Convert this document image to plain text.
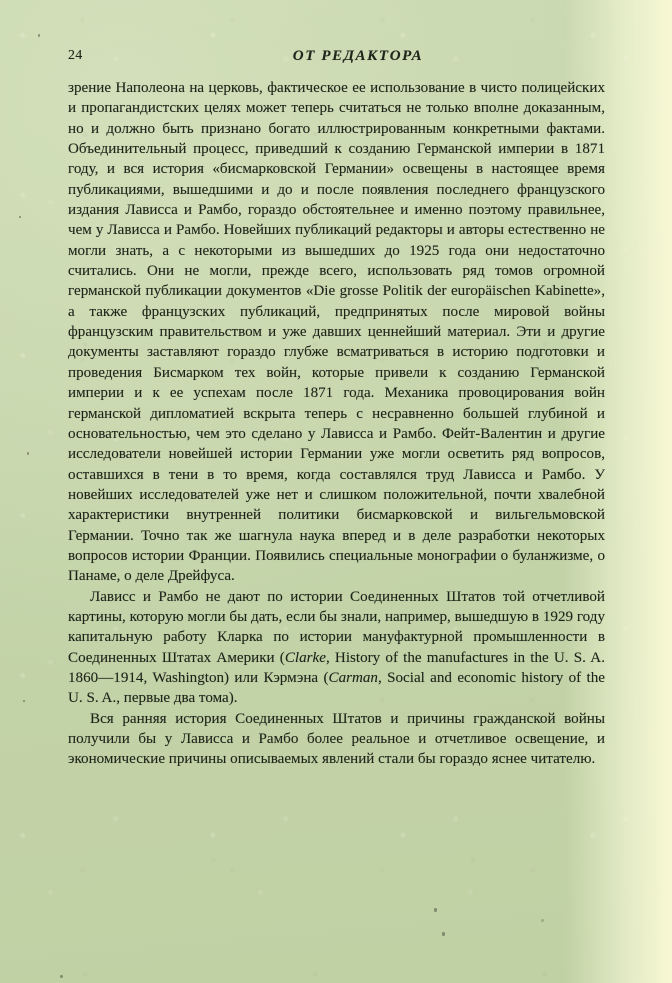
24	ОТ РЕДАКТОРА

зрение Наполеона на церковь, фактическое ее использование в чисто полицейских и пропагандистских целях может теперь считаться не только вполне доказанным, но и должно быть признано богато иллюстрированным конкретными фактами. Объединительный процесс, приведший к созданию Германской империи в 1871 году, и вся история «бисмарковской Германии» освещены в настоящее время публикациями, вышедшими и до и после появления последнего французского издания Лависса и Рамбо, гораздо обстоятельнее и именно поэтому правильнее, чем у Лависса и Рамбо. Новейших публикаций редакторы и авторы естественно не могли знать, а с некоторыми из вышедших до 1925 года они недостаточно считались. Они не могли, прежде всего, использовать ряд томов огромной германской публикации документов «Die grosse Politik der europäischen Kabinette», а также французских публикаций, предпринятых после мировой войны французским правительством и уже давших ценнейший материал. Эти и другие документы заставляют гораздо глубже всматриваться в историю подготовки и проведения Бисмарком тех войн, которые привели к созданию Германской империи и к ее успехам после 1871 года. Механика провоцирования войн германской дипломатией вскрыта теперь с несравненно большей глубиной и основательностью, чем это сделано у Лависса и Рамбо. Фейт-Валентин и другие исследователи новейшей истории Германии уже могли осветить ряд вопросов, оставшихся в тени в то время, когда составлялся труд Лависса и Рамбо. У новейших исследователей уже нет и слишком положительной, почти хвалебной характеристики внутренней политики бисмарковской и вильгельмовской Германии. Точно так же шагнула наука вперед и в деле разработки некоторых вопросов истории Франции. Появились специальные монографии о буланжизме, о Панаме, о деле Дрейфуса.

Лависс и Рамбо не дают по истории Соединенных Штатов той отчетливой картины, которую могли бы дать, если бы знали, например, вышедшую в 1929 году капитальную работу Кларка по истории мануфактурной промышленности в Соединенных Штатах Америки (Clarke, History of the manufactures in the U. S. A. 1860—1914, Washington) или Кэрмэна (Carman, Social and economic history of the U. S. A., первые два тома).

Вся ранняя история Соединенных Штатов и причины гражданской войны получили бы у Лависса и Рамбо более реальное и отчетливое освещение, и экономические причины описываемых явлений стали бы гораздо яснее читателю.
